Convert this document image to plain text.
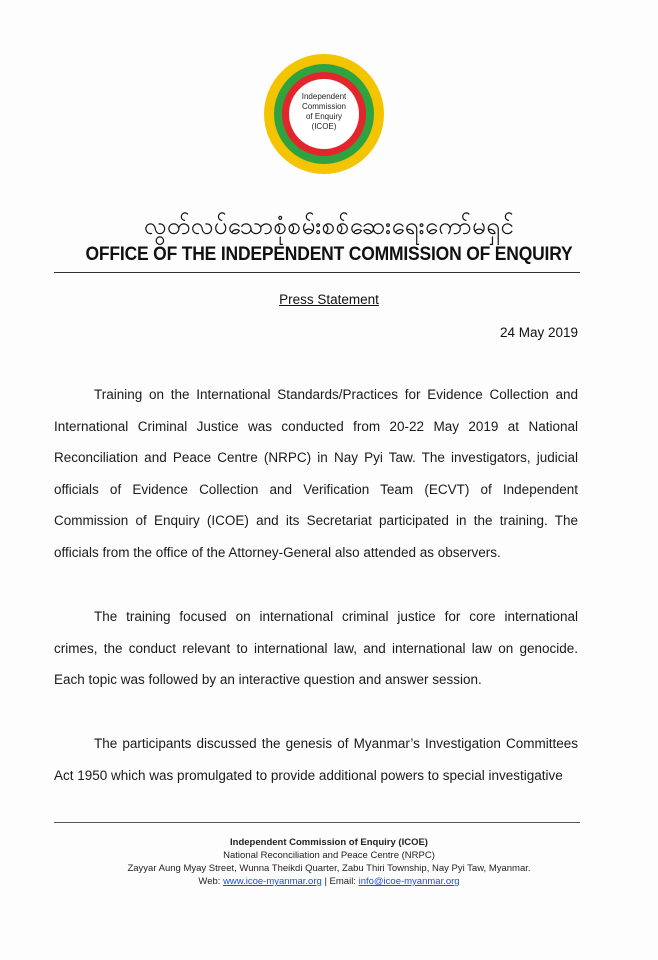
Independent
Commission
of Enquiry
(ICOE)
လွတ်လပ်သောစုံစမ်းစစ်ဆေးရေးကော်မရှင်
OFFICE OF THE INDEPENDENT COMMISSION OF ENQUIRY
Press Statement
24 May 2019

Training on the International Standards/Practices for Evidence Collection and International Criminal Justice was conducted from 20-22 May 2019 at National Reconciliation and Peace Centre (NRPC) in Nay Pyi Taw. The investigators, judicial officials of Evidence Collection and Verification Team (ECVT) of Independent Commission of Enquiry (ICOE) and its Secretariat participated in the training. The officials from the office of the Attorney-General also attended as observers.

The training focused on international criminal justice for core international crimes, the conduct relevant to international law, and international law on genocide. Each topic was followed by an interactive question and answer session.

The participants discussed the genesis of Myanmar’s Investigation Committees Act 1950 which was promulgated to provide additional powers to special investigative

Independent Commission of Enquiry (ICOE)
National Reconciliation and Peace Centre (NRPC)
Zayyar Aung Myay Street, Wunna Theikdi Quarter, Zabu Thiri Township, Nay Pyi Taw, Myanmar.
Web: www.icoe-myanmar.org | Email: info@icoe-myanmar.org
